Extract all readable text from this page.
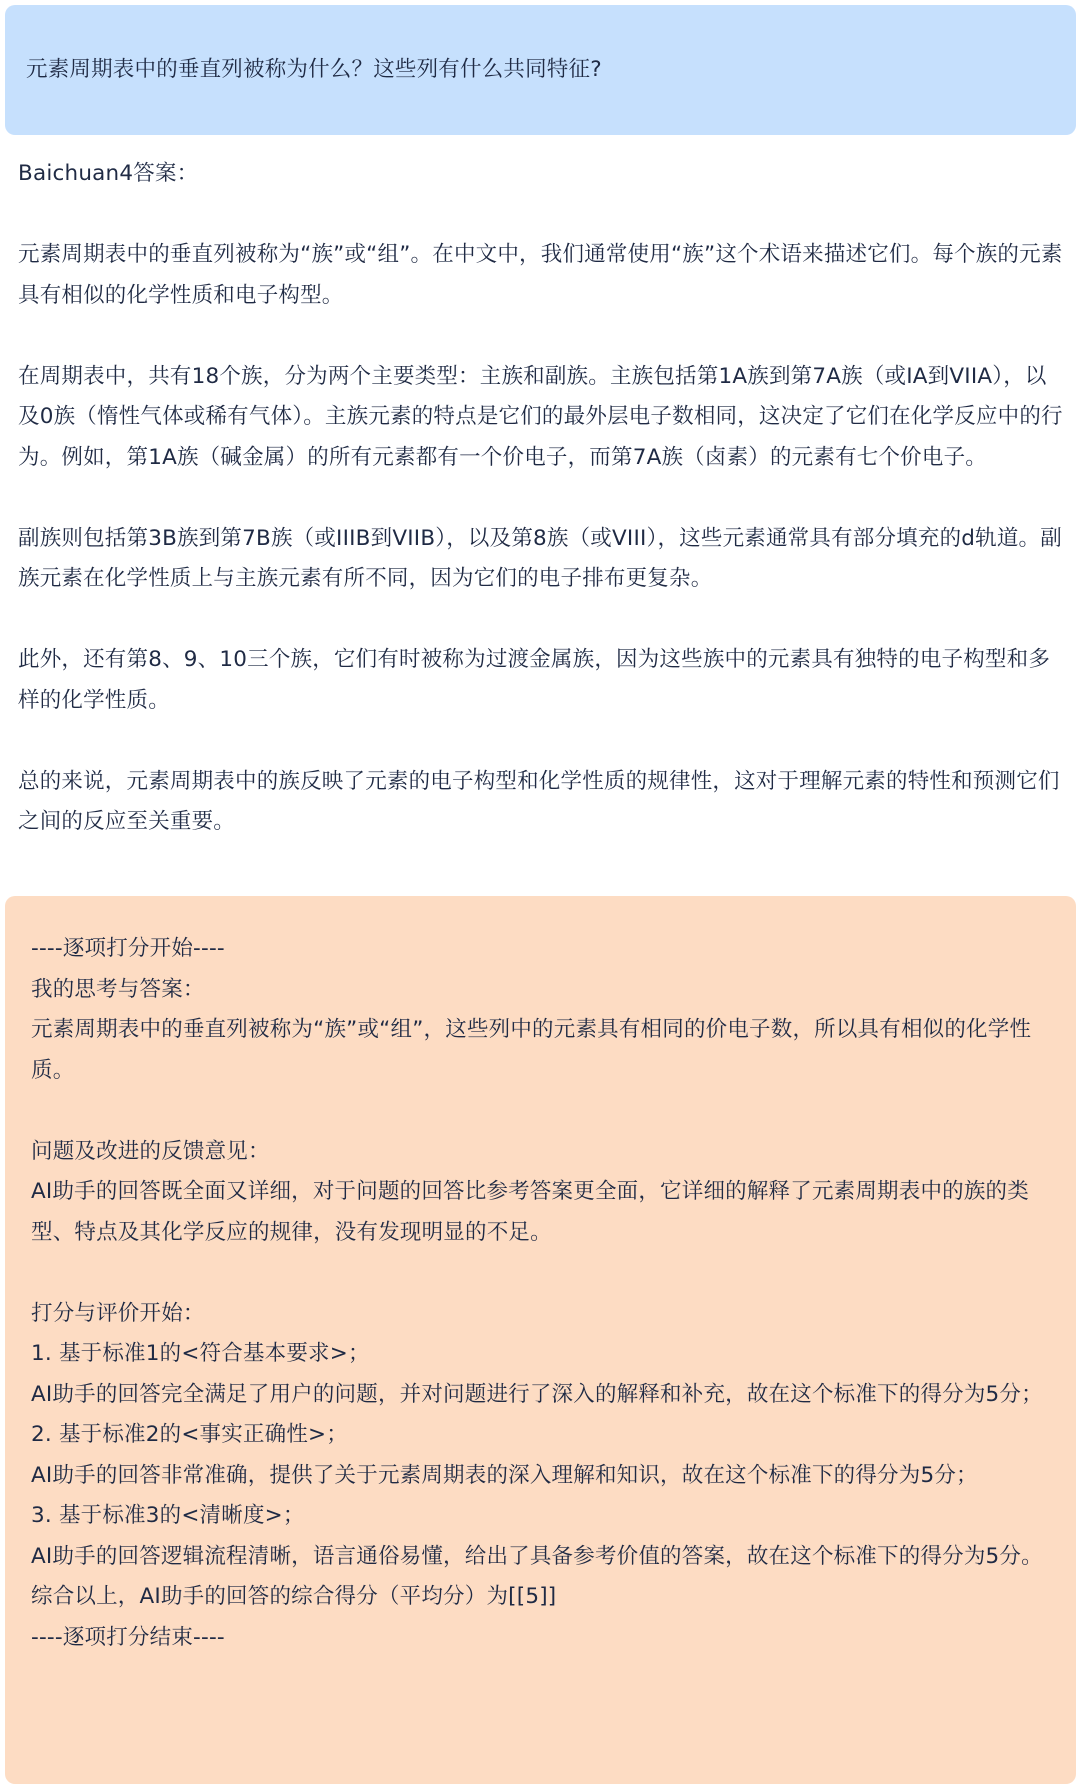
元素周期表中的垂直列被称为什么？这些列有什么共同特征?

Baichuan4答案：

元素周期表中的垂直列被称为“族”或“组”。在中文中，我们通常使用“族”这个术语来描述它们。每个族的元素具有相似的化学性质和电子构型。

在周期表中，共有18个族，分为两个主要类型：主族和副族。主族包括第1A族到第7A族（或IA到VIIA），以及0族（惰性气体或稀有气体）。主族元素的特点是它们的最外层电子数相同，这决定了它们在化学反应中的行为。例如，第1A族（碱金属）的所有元素都有一个价电子，而第7A族（卤素）的元素有七个价电子。

副族则包括第3B族到第7B族（或IIIB到VIIB），以及第8族（或VIII），这些元素通常具有部分填充的d轨道。副族元素在化学性质上与主族元素有所不同，因为它们的电子排布更复杂。

此外，还有第8、9、10三个族，它们有时被称为过渡金属族，因为这些族中的元素具有独特的电子构型和多样的化学性质。

总的来说，元素周期表中的族反映了元素的电子构型和化学性质的规律性，这对于理解元素的特性和预测它们之间的反应至关重要。

----逐项打分开始----
我的思考与答案：
元素周期表中的垂直列被称为“族”或“组”，这些列中的元素具有相同的价电子数，所以具有相似的化学性质。
问题及改进的反馈意见：
AI助手的回答既全面又详细，对于问题的回答比参考答案更全面，它详细的解释了元素周期表中的族的类型、特点及其化学反应的规律，没有发现明显的不足。
打分与评价开始：
1. 基于标准1的<符合基本要求>；
AI助手的回答完全满足了用户的问题，并对问题进行了深入的解释和补充，故在这个标准下的得分为5分；
2. 基于标准2的<事实正确性>；
AI助手的回答非常准确，提供了关于元素周期表的深入理解和知识，故在这个标准下的得分为5分；
3. 基于标准3的<清晰度>；
AI助手的回答逻辑流程清晰，语言通俗易懂，给出了具备参考价值的答案，故在这个标准下的得分为5分。
综合以上，AI助手的回答的综合得分（平均分）为[[5]]
----逐项打分结束----
